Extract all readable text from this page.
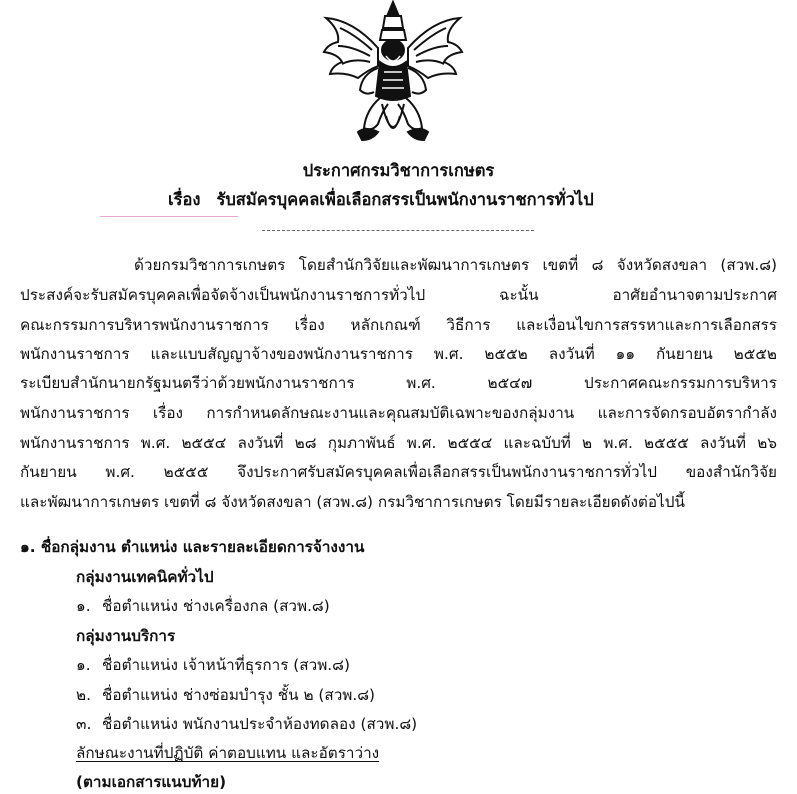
ประกาศกรมวิชาการเกษตร
เรื่อง รับสมัครบุคคลเพื่อเลือกสรรเป็นพนักงานราชการทั่วไป
ด้วยกรมวิชาการเกษตร โดยสำนักวิจัยและพัฒนาการเกษตร เขตที่ ๘ จังหวัดสงขลา (สวพ.๘)
ประสงค์จะรับสมัครบุคคลเพื่อจัดจ้างเป็นพนักงานราชการทั่วไป ฉะนั้น อาศัยอำนาจตามประกาศ
คณะกรรมการบริหารพนักงานราชการ เรื่อง หลักเกณฑ์ วิธีการ และเงื่อนไขการสรรหาและการเลือกสรร
พนักงานราชการ และแบบสัญญาจ้างของพนักงานราชการ พ.ศ. ๒๕๕๒ ลงวันที่ ๑๑ กันยายน ๒๕๕๒
ระเบียบสำนักนายกรัฐมนตรีว่าด้วยพนักงานราชการ พ.ศ. ๒๕๔๗ ประกาศคณะกรรมการบริหาร
พนักงานราชการ เรื่อง การกำหนดลักษณะงานและคุณสมบัติเฉพาะของกลุ่มงาน และการจัดกรอบอัตรากำลัง
พนักงานราชการ พ.ศ. ๒๕๕๔ ลงวันที่ ๒๘ กุมภาพันธ์ พ.ศ. ๒๕๕๔ และฉบับที่ ๒ พ.ศ. ๒๕๕๕ ลงวันที่ ๒๖
กันยายน พ.ศ. ๒๕๕๕ จึงประกาศรับสมัครบุคคลเพื่อเลือกสรรเป็นพนักงานราชการทั่วไป ของสำนักวิจัย
และพัฒนาการเกษตร เขตที่ ๘ จังหวัดสงขลา (สวพ.๘) กรมวิชาการเกษตร โดยมีรายละเอียดดังต่อไปนี้
๑. ชื่อกลุ่มงาน ตำแหน่ง และรายละเอียดการจ้างงาน
กลุ่มงานเทคนิคทั่วไป
๑. ชื่อตำแหน่ง ช่างเครื่องกล (สวพ.๘)
กลุ่มงานบริการ
๑. ชื่อตำแหน่ง เจ้าหน้าที่ธุรการ (สวพ.๘)
๒. ชื่อตำแหน่ง ช่างซ่อมบำรุง ชั้น ๒ (สวพ.๘)
๓. ชื่อตำแหน่ง พนักงานประจำห้องทดลอง (สวพ.๘)
ลักษณะงานที่ปฏิบัติ ค่าตอบแทน และอัตราว่าง
(ตามเอกสารแนบท้าย)
